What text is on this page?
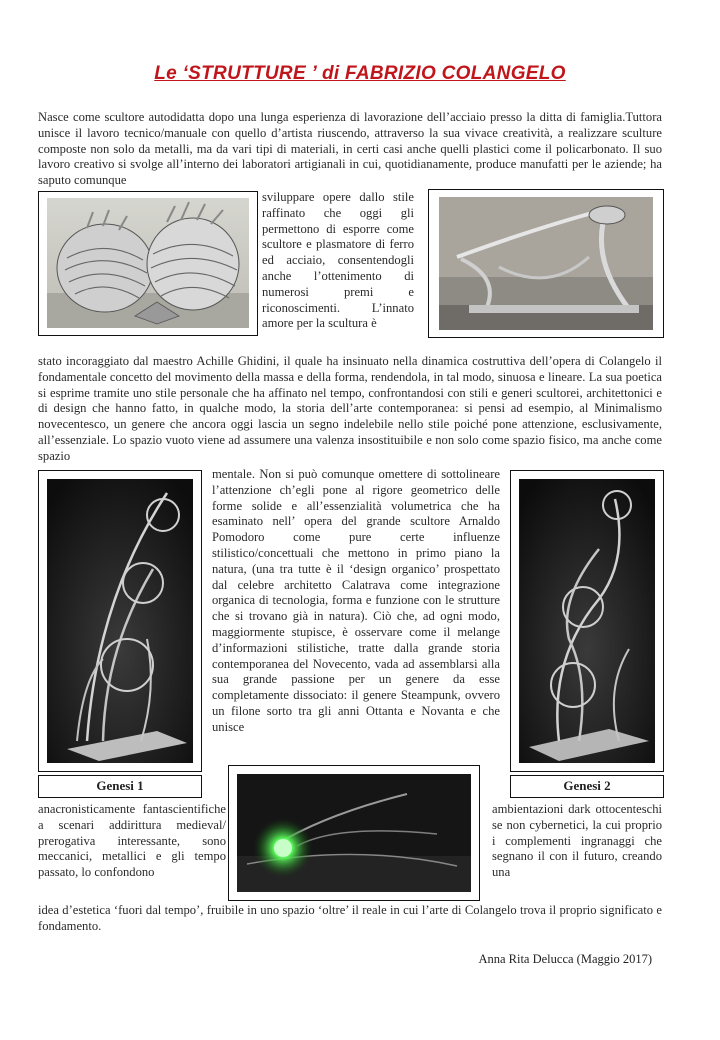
Le ‘STRUTTURE ’ di FABRIZIO COLANGELO
Nasce come scultore autodidatta dopo una lunga esperienza di lavorazione dell’acciaio presso la ditta di famiglia.Tuttora unisce il lavoro tecnico/manuale con quello d’artista riuscendo, attraverso la sua vivace creatività, a realizzare sculture composte non solo da metalli, ma da vari tipi di materiali, in certi casi anche quelli plastici come il policarbonato. Il suo lavoro creativo si svolge all’interno dei laboratori artigianali in cui, quotidianamente, produce manufatti per le aziende; ha saputo comunque
sviluppare opere dallo stile raffinato che oggi gli permettono di esporre come scultore e plasmatore di ferro ed acciaio, consentendogli anche l’ottenimento di numerosi premi e riconoscimenti. L’innato amore per la scultura è
stato incoraggiato dal maestro Achille Ghidini, il quale ha insinuato nella dinamica costruttiva dell’opera di Colangelo il fondamentale concetto del movimento della massa e della forma, rendendola, in tal modo, sinuosa e lineare. La sua poetica si esprime tramite uno stile personale che ha affinato nel tempo, confrontandosi con stili e generi scultorei, architettonici e di design che hanno fatto, in qualche modo, la storia dell’arte contemporanea: si pensi ad esempio, al Minimalismo novecentesco, un genere che ancora oggi lascia un segno indelebile nello stile poiché pone attenzione, esclusivamente, all’essenziale. Lo spazio vuoto viene ad assumere una valenza insostituibile e non solo come spazio fisico, ma anche come spazio
mentale. Non si può comunque omettere di sottolineare l’attenzione ch’egli pone al rigore geometrico delle forme solide e all’essenzialità volumetrica che ha esaminato nell’ opera del grande scultore Arnaldo Pomodoro come pure certe influenze stilistico/concettuali che mettono in primo piano la natura, (una tra tutte è il ‘design organico’ prospettato dal celebre architetto Calatrava come integrazione organica di tecnologia, forma e funzione con le strutture che si trovano già in natura). Ciò che, ad ogni modo, maggiormente stupisce, è osservare come il melange d’informazioni stilistiche, tratte dalla grande storia contemporanea del Novecento, vada ad assemblarsi alla sua grande passione per un genere da esse completamente dissociato: il genere Steampunk, ovvero un filone sorto tra gli anni Ottanta e Novanta e che unisce
Genesi 1	Genesi 2
anacronisticamente fantascientifiche a scenari addirittura medieval/ prerogativa interessante, sono meccanici, metallici e gli tempo passato, lo confondono
ambientazioni dark ottocenteschi se non cybernetici, la cui proprio i complementi ingranaggi che segnano il con il futuro, creando una
idea d’estetica ‘fuori dal tempo’, fruibile in uno spazio ‘oltre’ il reale in cui l’arte di Colangelo trova il proprio significato e fondamento.
Anna Rita Delucca (Maggio 2017)
